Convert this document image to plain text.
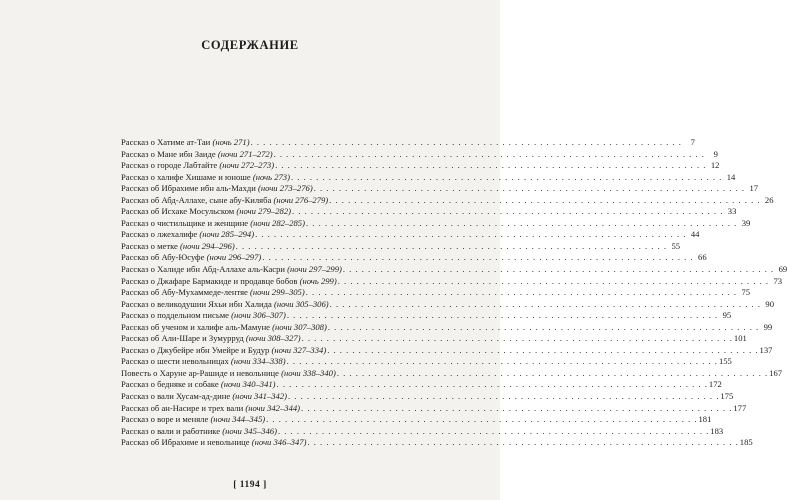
СОДЕРЖАНИЕ
Рассказ о Хатиме ат-Таи (ночь 271) . . .	7
Рассказ о Мане ибн Заиде (ночи 271–272) . . .	9
Рассказ о городе Лабтайте (ночи 272–273) . . .	12
Рассказ о халифе Хишаме и юноше (ночь 273) . . .	14
Рассказ об Ибрахиме ибн аль-Махди (ночи 273–276) . . .	17
Рассказ об Абд-Аллахе, сыне абу-Киляба (ночи 276–279) . . .	26
Рассказ об Исхаке Мосульском (ночи 279–282) . . .	33
Рассказ о чистильщике и женщине (ночи 282–285) . . .	39
Рассказ о лжехалифе (ночи 285–294) . . .	44
Рассказ о метке (ночи 294–296) . . .	55
Рассказ об Абу-Юсуфе (ночи 296–297) . . .	66
Рассказ о Халиде ибн Абд-Аллахе аль-Касри (ночи 297–299) . . .	69
Рассказ о Джафаре Бармакиде и продавце бобов (ночь 299) . . .	73
Рассказ об Абу-Мухаммеде-лентяе (ночи 299–305) . . .	75
Рассказ о великодушии Яхьи ибн Халида (ночи 305–306) . . .	90
Рассказ о поддельном письме (ночи 306–307) . . .	95
Рассказ об ученом и халифе аль-Мамуне (ночи 307–308) . . .	99
Рассказ об Али-Шаре и Зумурруд (ночи 308–327) . . .	101
Рассказ о Джубейре ибн Умейре и Будур (ночи 327–334) . . .	137
Рассказ о шести невольницах (ночи 334–338) . . .	155
Повесть о Харуне ар-Рашиде и невольнице (ночи 338–340) . . .	167
Рассказ о бедняке и собаке (ночи 340–341) . . .	172
Рассказ о вали Хусам-ад-дине (ночи 341–342) . . .	175
Рассказ об ан-Насире и трех вали (ночи 342–344) . . .	177
Рассказ о воре и меняле (ночи 344–345) . . .	181
Рассказ о вали и работнике (ночи 345–346) . . .	183
Рассказ об Ибрахиме и невольнице (ночи 346–347) . . .	185
[ 1194 ]
